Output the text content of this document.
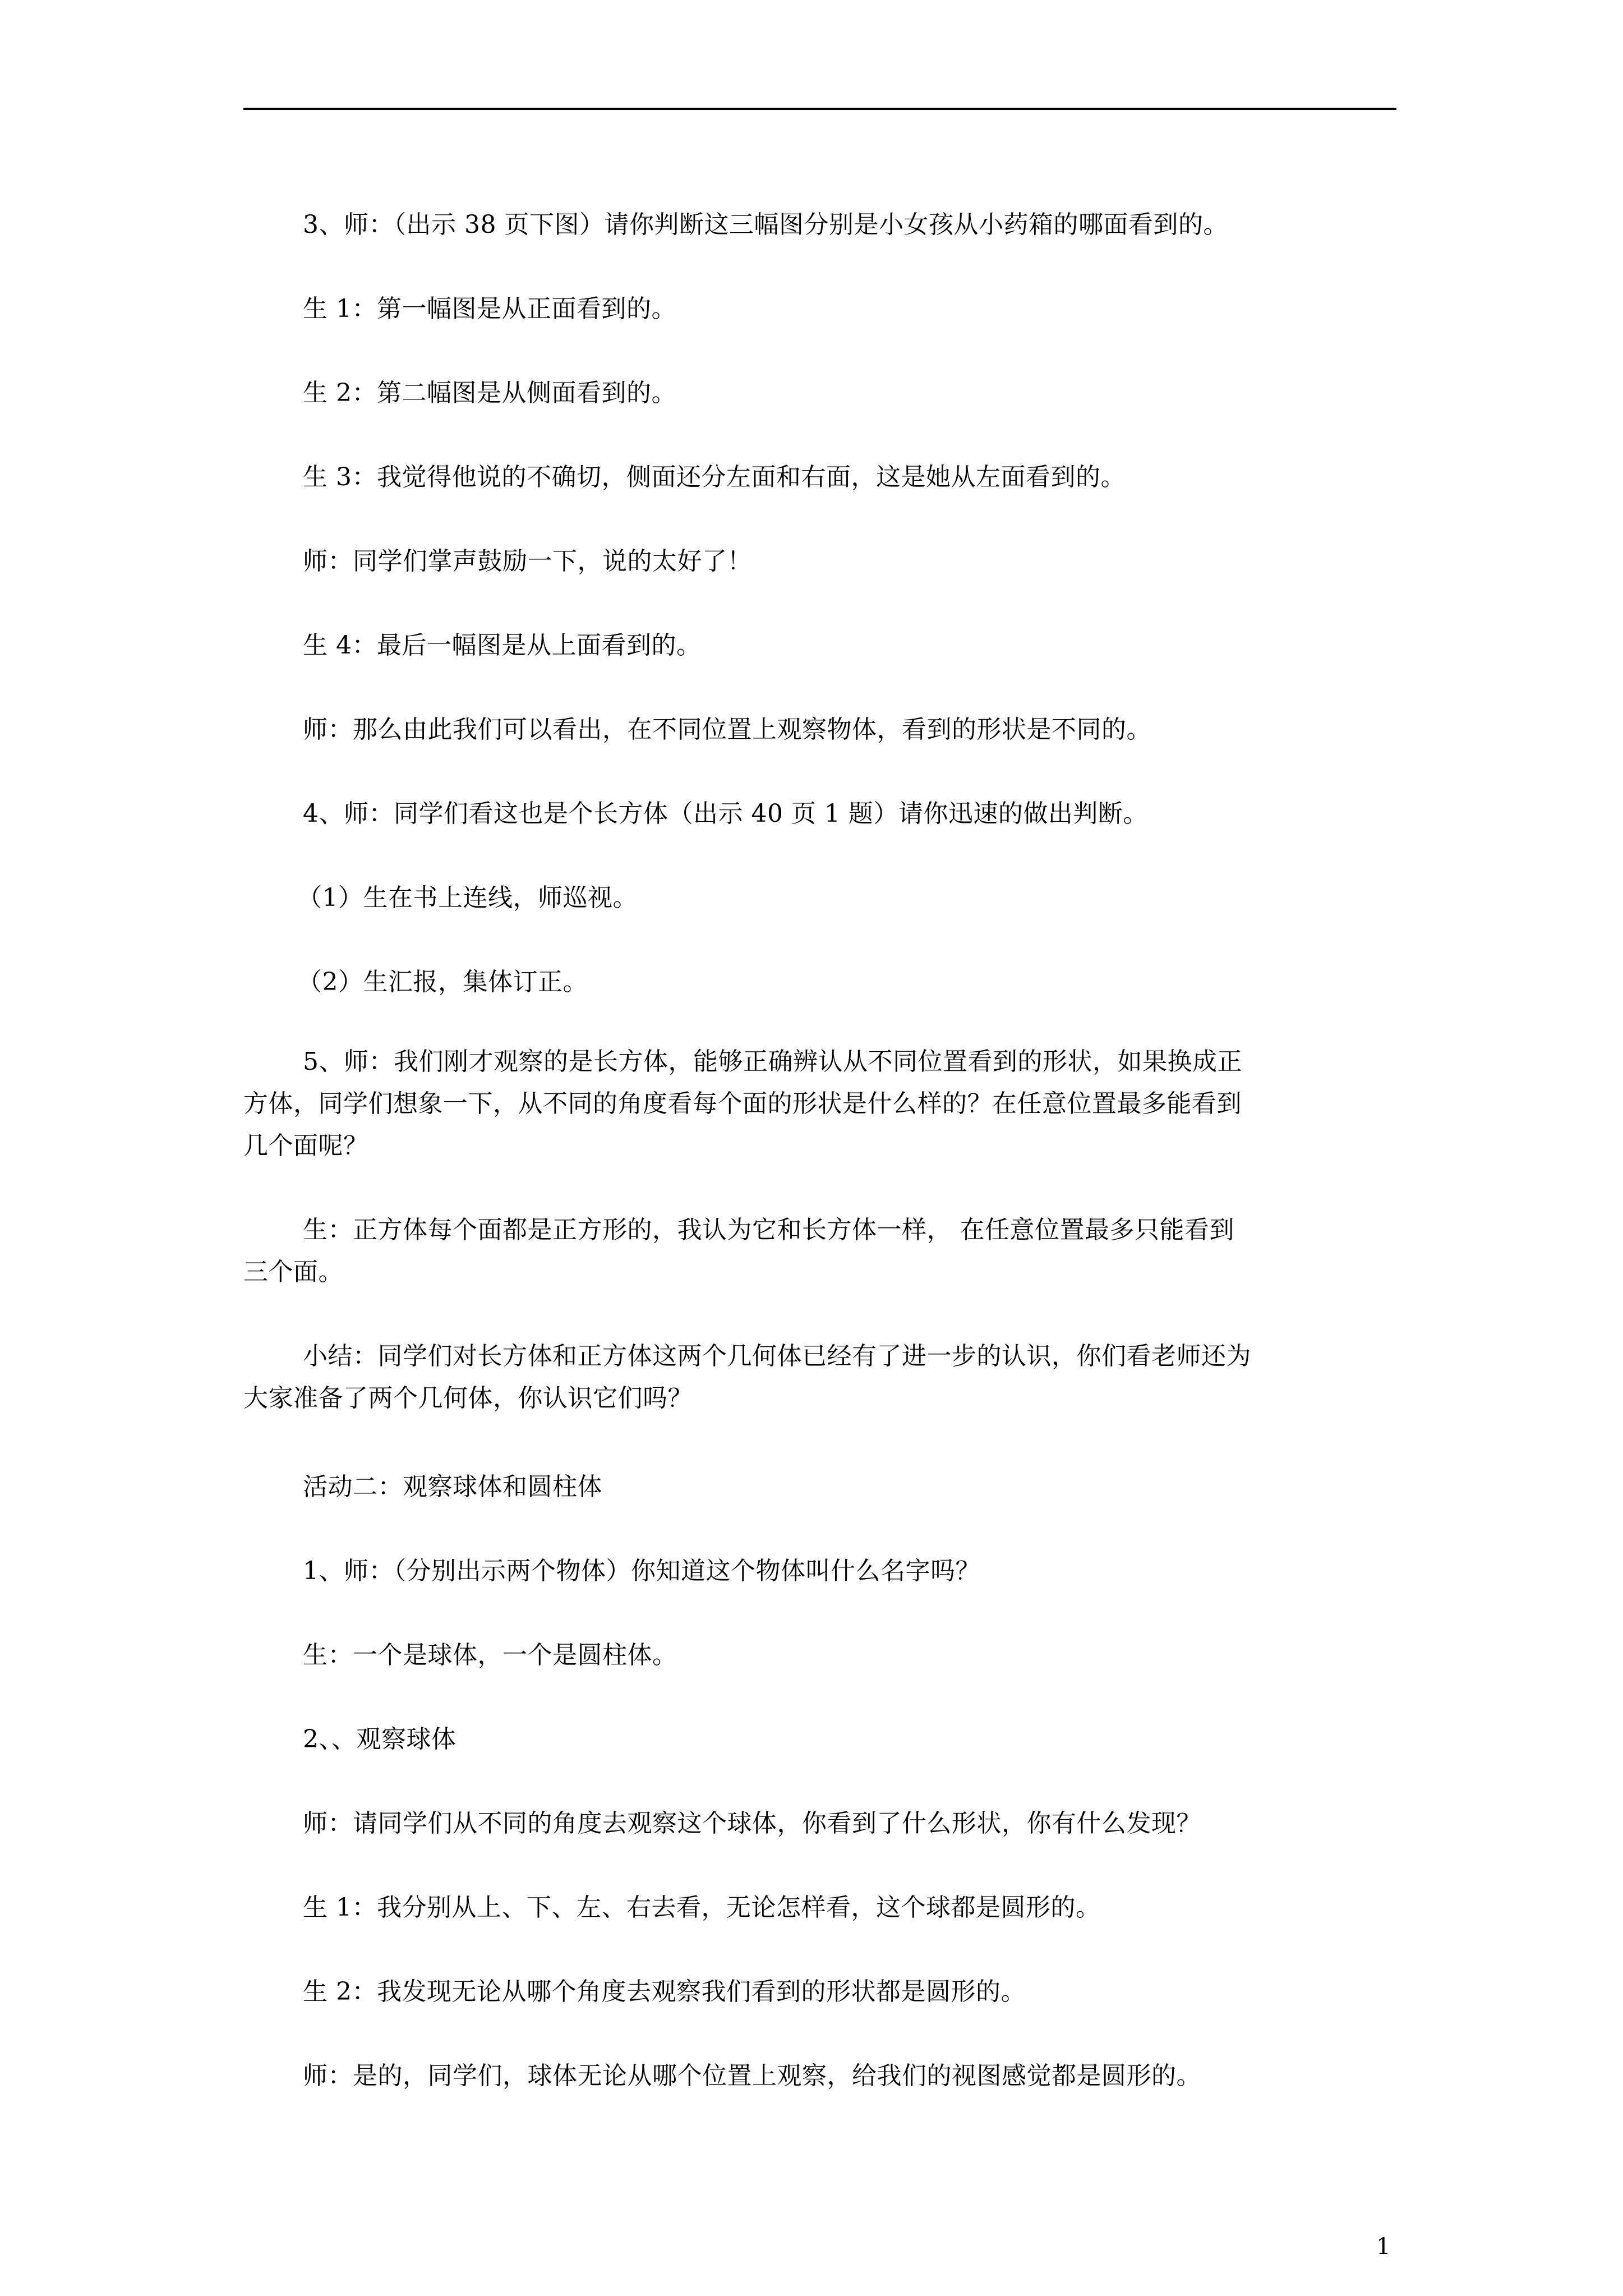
3、师：（出示 38 页下图）请你判断这三幅图分别是小女孩从小药箱的哪面看到的。
生 1：第一幅图是从正面看到的。
生 2：第二幅图是从侧面看到的。
生 3：我觉得他说的不确切，侧面还分左面和右面，这是她从左面看到的。
师：同学们掌声鼓励一下，说的太好了！
生 4：最后一幅图是从上面看到的。
师：那么由此我们可以看出，在不同位置上观察物体，看到的形状是不同的。
4、师：同学们看这也是个长方体（出示 40 页 1 题）请你迅速的做出判断。
（1）生在书上连线，师巡视。
（2）生汇报，集体订正。
5、师：我们刚才观察的是长方体，能够正确辨认从不同位置看到的形状，如果换成正
方体，同学们想象一下，从不同的角度看每个面的形状是什么样的？在任意位置最多能看到
几个面呢？
生：正方体每个面都是正方形的，我认为它和长方体一样， 在任意位置最多只能看到
三个面。
小结：同学们对长方体和正方体这两个几何体已经有了进一步的认识，你们看老师还为
大家准备了两个几何体，你认识它们吗？
活动二：观察球体和圆柱体
1、师：（分别出示两个物体）你知道这个物体叫什么名字吗？
生：一个是球体，一个是圆柱体。
2、、观察球体
师：请同学们从不同的角度去观察这个球体，你看到了什么形状，你有什么发现？
生 1：我分别从上、下、左、右去看，无论怎样看，这个球都是圆形的。
生 2：我发现无论从哪个角度去观察我们看到的形状都是圆形的。
师：是的，同学们，球体无论从哪个位置上观察，给我们的视图感觉都是圆形的。
1
